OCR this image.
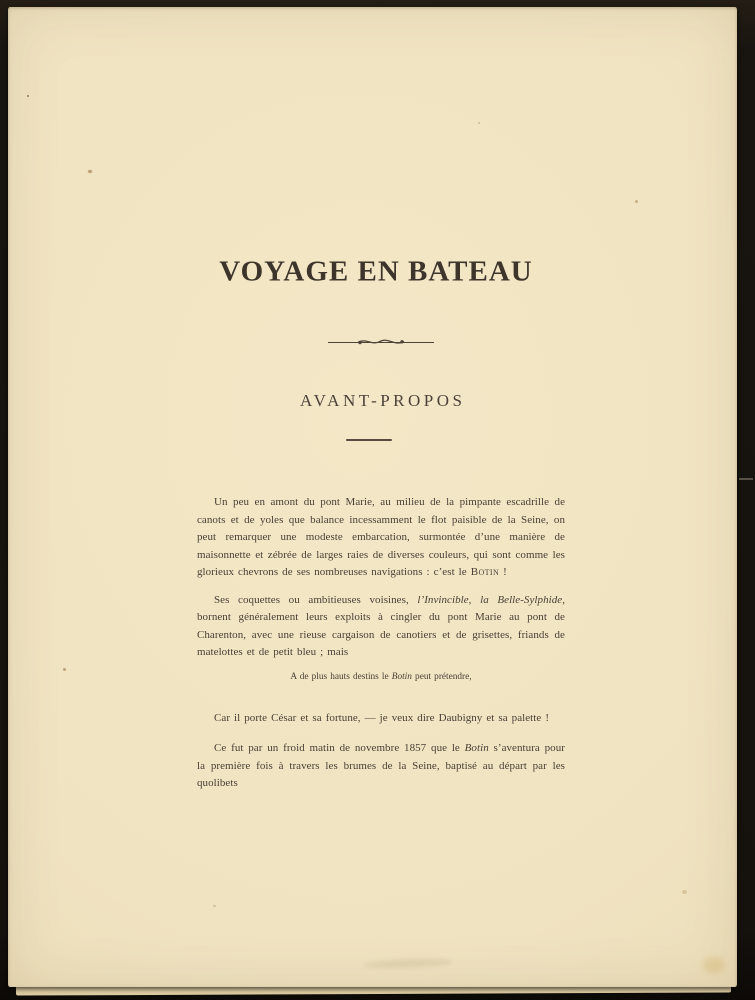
VOYAGE EN BATEAU
AVANT-PROPOS

Un peu en amont du pont Marie, au milieu de la pimpante escadrille de canots et de yoles que balance incessamment le flot paisible de la Seine, on peut remarquer une modeste embarcation, surmontée d’une manière de maisonnette et zébrée de larges raies de diverses couleurs, qui sont comme les glorieux chevrons de ses nombreuses navigations : c’est le Botin !

Ses coquettes ou ambitieuses voisines, l’Invincible, la Belle-Sylphide, bornent généralement leurs exploits à cingler du pont Marie au pont de Charenton, avec une rieuse cargaison de canotiers et de grisettes, friands de matelottes et de petit bleu ; mais

A de plus hauts destins le Botin peut prétendre,

Car il porte César et sa fortune, — je veux dire Daubigny et sa palette !

Ce fut par un froid matin de novembre 1857 que le Botin s’aventura pour la première fois à travers les brumes de la Seine, baptisé au départ par les quolibets
